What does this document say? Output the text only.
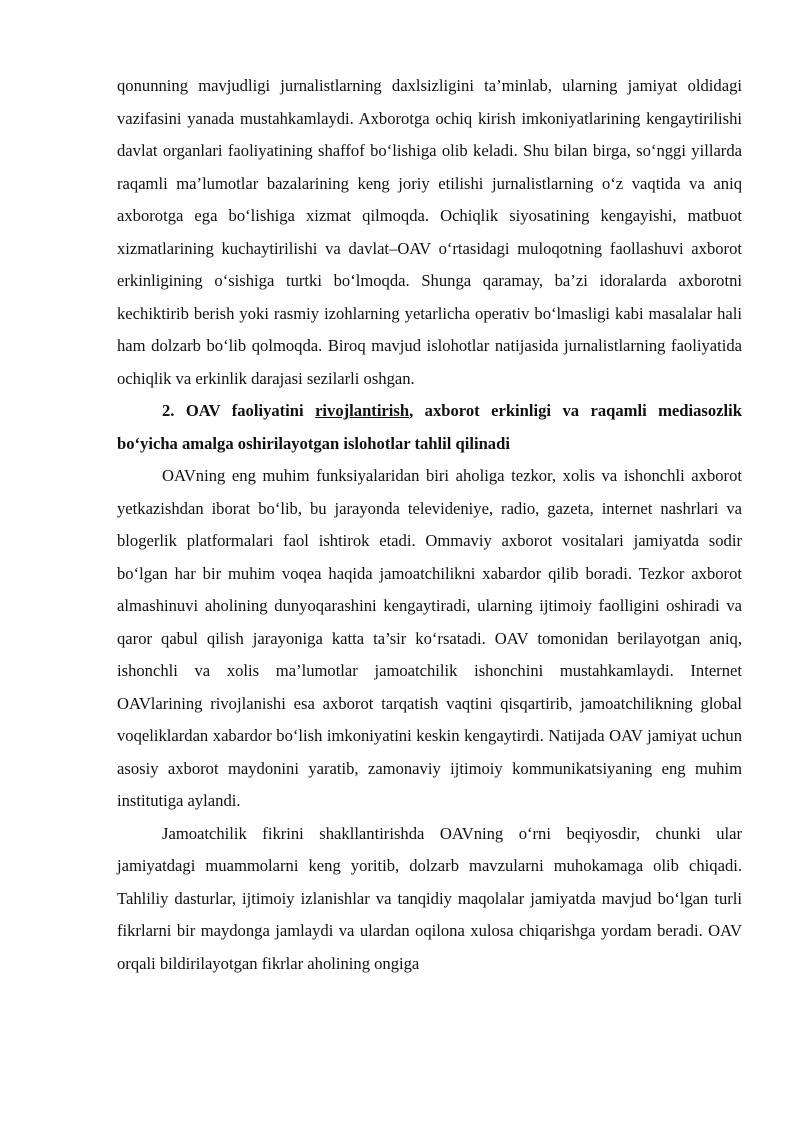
qonunning mavjudligi jurnalistlarning daxlsizligini ta’minlab, ularning jamiyat oldidagi vazifasini yanada mustahkamlaydi. Axborotga ochiq kirish imkoniyatlarining kengaytirilishi davlat organlari faoliyatining shaffof bo‘lishiga olib keladi. Shu bilan birga, so‘nggi yillarda raqamli ma’lumotlar bazalarining keng joriy etilishi jurnalistlarning o‘z vaqtida va aniq axborotga ega bo‘lishiga xizmat qilmoqda. Ochiqlik siyosatining kengayishi, matbuot xizmatlarining kuchaytirilishi va davlat–OAV o‘rtasidagi muloqotning faollashuvi axborot erkinligining o‘sishiga turtki bo‘lmoqda. Shunga qaramay, ba’zi idoralarda axborotni kechiktirib berish yoki rasmiy izohlarning yetarlicha operativ bo‘lmasligi kabi masalalar hali ham dolzarb bo‘lib qolmoqda. Biroq mavjud islohotlar natijasida jurnalistlarning faoliyatida ochiqlik va erkinlik darajasi sezilarli oshgan.

2. OAV faoliyatini rivojlantirish, axborot erkinligi va raqamli mediasozlik bo‘yicha amalga oshirilayotgan islohotlar tahlil qilinadi

OAVning eng muhim funksiyalaridan biri aholiga tezkor, xolis va ishonchli axborot yetkazishdan iborat bo‘lib, bu jarayonda televideniye, radio, gazeta, internet nashrlari va blogerlik platformalari faol ishtirok etadi. Ommaviy axborot vositalari jamiyatda sodir bo‘lgan har bir muhim voqea haqida jamoatchilikni xabardor qilib boradi. Tezkor axborot almashinuvi aholining dunyoqarashini kengaytiradi, ularning ijtimoiy faolligini oshiradi va qaror qabul qilish jarayoniga katta ta’sir ko‘rsatadi. OAV tomonidan berilayotgan aniq, ishonchli va xolis ma’lumotlar jamoatchilik ishonchini mustahkamlaydi. Internet OAVlarining rivojlanishi esa axborot tarqatish vaqtini qisqartirib, jamoatchilikning global voqeliklardan xabardor bo‘lish imkoniyatini keskin kengaytirdi. Natijada OAV jamiyat uchun asosiy axborot maydonini yaratib, zamonaviy ijtimoiy kommunikatsiyaning eng muhim institutiga aylandi.

Jamoatchilik fikrini shakllantirishda OAVning o‘rni beqiyosdir, chunki ular jamiyatdagi muammolarni keng yoritib, dolzarb mavzularni muhokamaga olib chiqadi. Tahliliy dasturlar, ijtimoiy izlanishlar va tanqidiy maqolalar jamiyatda mavjud bo‘lgan turli fikrlarni bir maydonga jamlaydi va ulardan oqilona xulosa chiqarishga yordam beradi. OAV orqali bildirilayotgan fikrlar aholining ongiga
